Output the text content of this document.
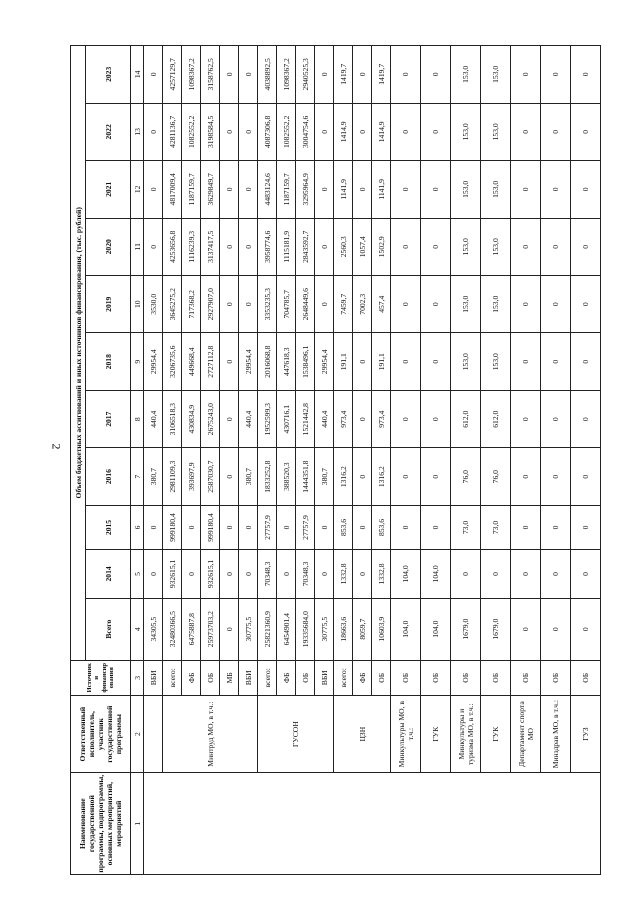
2
Наименование государственной программы, подпрограммы, основных мероприятий, мероприятий	Ответственный исполнитель, участник государственной программы	Источники финансирования	Объем бюджетных ассигнований и иных источников финансирования, (тыс. рублей)										
			Всего	2014	2015	2016	2017	2018	2019	2020	2021	2022	2023
1	2	3	4	5	6	7	8	9	10	11	12	13	14
		ВБИ	34305,5	0	0	380,7	440,4	29954,4	3530,0	0	0	0	0
	Минтруд МО, в т.ч.:	всего:	32480366,5	932615,1	999180,4	2981109,3	3106518,3	3206735,6	3645275,2	4253656,8	4817009,4	4281136,7	4257129,7
		ФБ	6475887,8	0	0	393697,9	430834,9	449668,4	717368,2	1116239,3	1187159,7	1082552,2	1098367,2
		ОБ	25973703,2	932615,1	999180,4	2587030,7	2675243,0	2727112,8	2927907,0	3137417,5	3629849,7	3198584,5	3158762,5
		МБ	0	0	0	0	0	0	0	0	0	0	0
		ВБИ	30775,5	0	0	380,7	440,4	29954,4	0	0	0	0	0
	ГУСОН	всего:	25821360,9	70348,3	27757,9	1833252,8	1952599,3	2016068,8	3353235,3	3958774,6	4483124,6	4087306,8	4038892,5
		ФБ	6454901,4	0	0	388520,3	430716,1	447618,3	704785,7	1115181,9	1187159,7	1082552,2	1098367,2
		ОБ	19335684,0	70348,3	27757,9	1444351,8	1521442,8	1538496,1	2648449,6	2843592,7	3295964,9	3004754,6	2940525,3
		ВБИ	30775,5	0	0	380,7	440,4	29954,4	0	0	0	0	0
	ЦЗН	всего:	18663,6	1332,8	853,6	1316,2	973,4	191,1	7459,7	2560,3	1141,9	1414,9	1419,7
		ФБ	8059,7	0	0	0	0	0	7002,3	1057,4	0	0	0
		ОБ	10603,9	1332,8	853,6	1316,2	973,4	191,1	457,4	1502,9	1141,9	1414,9	1419,7
	Минкультуры МО, в т.ч.:	ОБ	104,0	104,0	0	0	0	0	0	0	0	0	0
	ГУК	ОБ	104,0	104,0	0	0	0	0	0	0	0	0	0
	Минкультуры и туризма МО, в т.ч.:	ОБ	1679,0	0	73,0	76,0	612,0	153,0	153,0	153,0	153,0	153,0	153,0
	ГУК	ОБ	1679,0	0	73,0	76,0	612,0	153,0	153,0	153,0	153,0	153,0	153,0
	Департамент спорта МО	ОБ	0	0	0	0	0	0	0	0	0	0	0
	Минздрав МО, в т.ч.:	ОБ	0	0	0	0	0	0	0	0	0	0	0
	ГУЗ	ОБ	0	0	0	0	0	0	0	0	0	0	0
